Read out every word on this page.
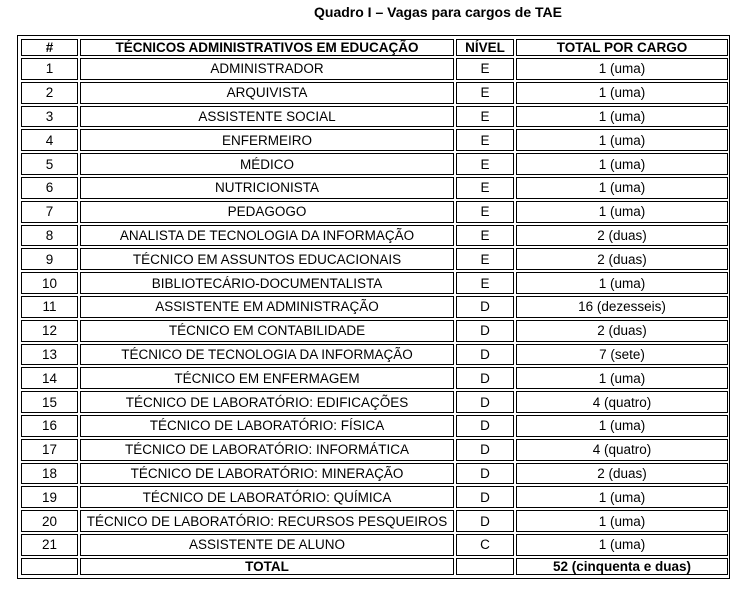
Quadro I – Vagas para cargos de TAE
#	TÉCNICOS ADMINISTRATIVOS EM EDUCAÇÃO	NÍVEL	TOTAL POR CARGO
1	ADMINISTRADOR	E	1 (uma)
2	ARQUIVISTA	E	1 (uma)
3	ASSISTENTE SOCIAL	E	1 (uma)
4	ENFERMEIRO	E	1 (uma)
5	MÉDICO	E	1 (uma)
6	NUTRICIONISTA	E	1 (uma)
7	PEDAGOGO	E	1 (uma)
8	ANALISTA DE TECNOLOGIA DA INFORMAÇÃO	E	2 (duas)
9	TÉCNICO EM ASSUNTOS EDUCACIONAIS	E	2 (duas)
10	BIBLIOTECÁRIO-DOCUMENTALISTA	E	1 (uma)
11	ASSISTENTE EM ADMINISTRAÇÃO	D	16 (dezesseis)
12	TÉCNICO EM CONTABILIDADE	D	2 (duas)
13	TÉCNICO DE TECNOLOGIA DA INFORMAÇÃO	D	7 (sete)
14	TÉCNICO EM ENFERMAGEM	D	1 (uma)
15	TÉCNICO DE LABORATÓRIO: EDIFICAÇÕES	D	4 (quatro)
16	TÉCNICO DE LABORATÓRIO: FÍSICA	D	1 (uma)
17	TÉCNICO DE LABORATÓRIO: INFORMÁTICA	D	4 (quatro)
18	TÉCNICO DE LABORATÓRIO: MINERAÇÃO	D	2 (duas)
19	TÉCNICO DE LABORATÓRIO: QUÍMICA	D	1 (uma)
20	TÉCNICO DE LABORATÓRIO: RECURSOS PESQUEIROS	D	1 (uma)
21	ASSISTENTE DE ALUNO	C	1 (uma)
	TOTAL		52 (cinquenta e duas)
